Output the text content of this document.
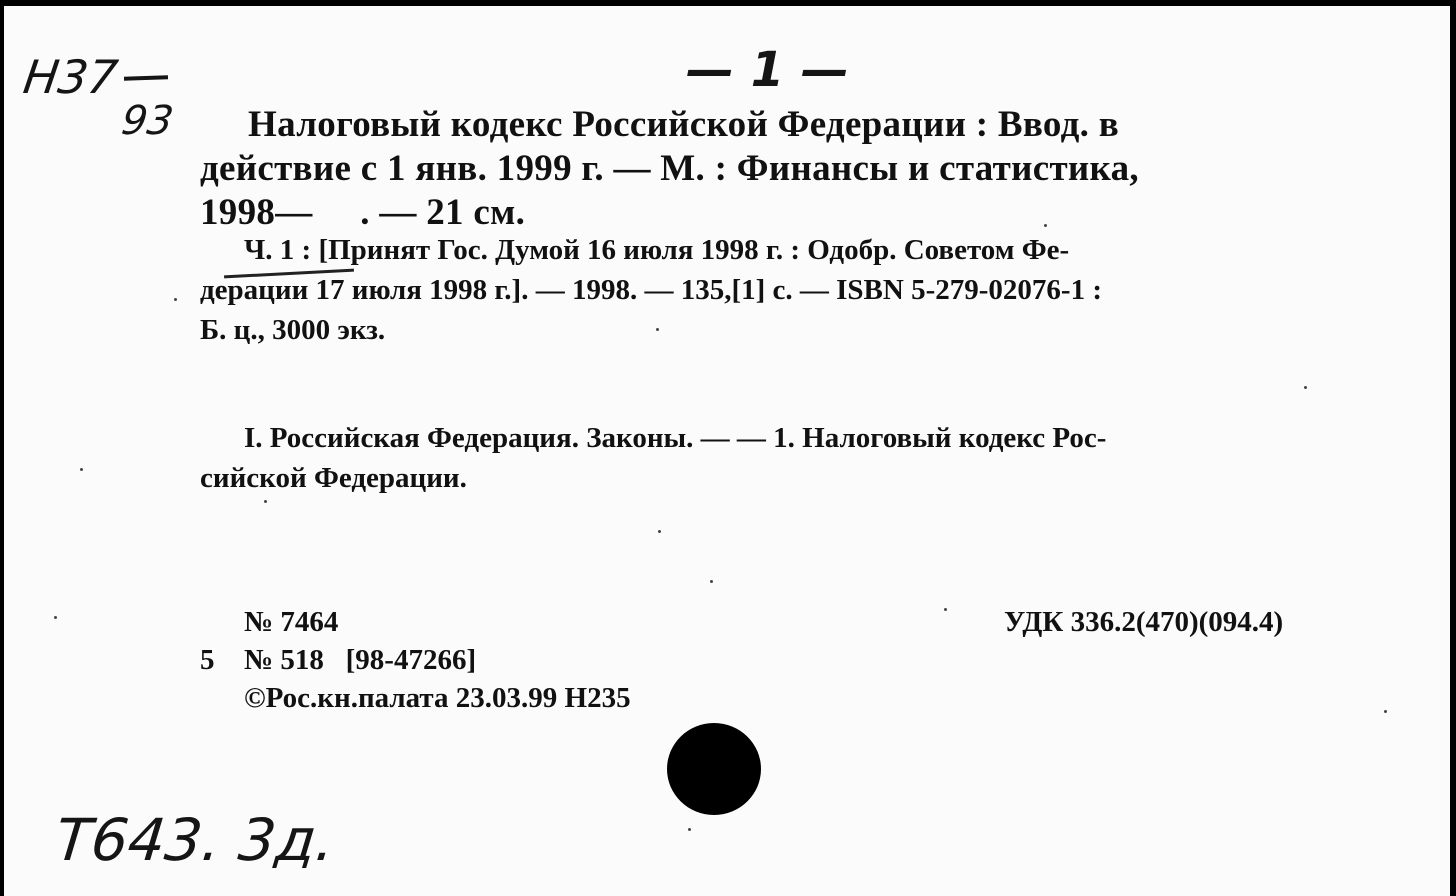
Н37
93
— 1 —
Налоговый кодекс Российской Федерации : Ввод. в
действие с 1 янв. 1999 г. — М. : Финансы и статистика,
1998—     . — 21 см.
Ч. 1 : [Принят Гос. Думой 16 июля 1998 г. : Одобр. Советом Фе-
дерации 17 июля 1998 г.]. — 1998. — 135,[1] с. — ISBN 5-279-02076-1 :
Б. ц., 3000 экз.
I. Российская Федерация. Законы. — — 1. Налоговый кодекс Рос-
сийской Федерации.
№ 7464	УДК 336.2(470)(094.4)
5 № 518   [98-47266]
©Рос.кн.палата 23.03.99 Н235
Т643. 3д.
